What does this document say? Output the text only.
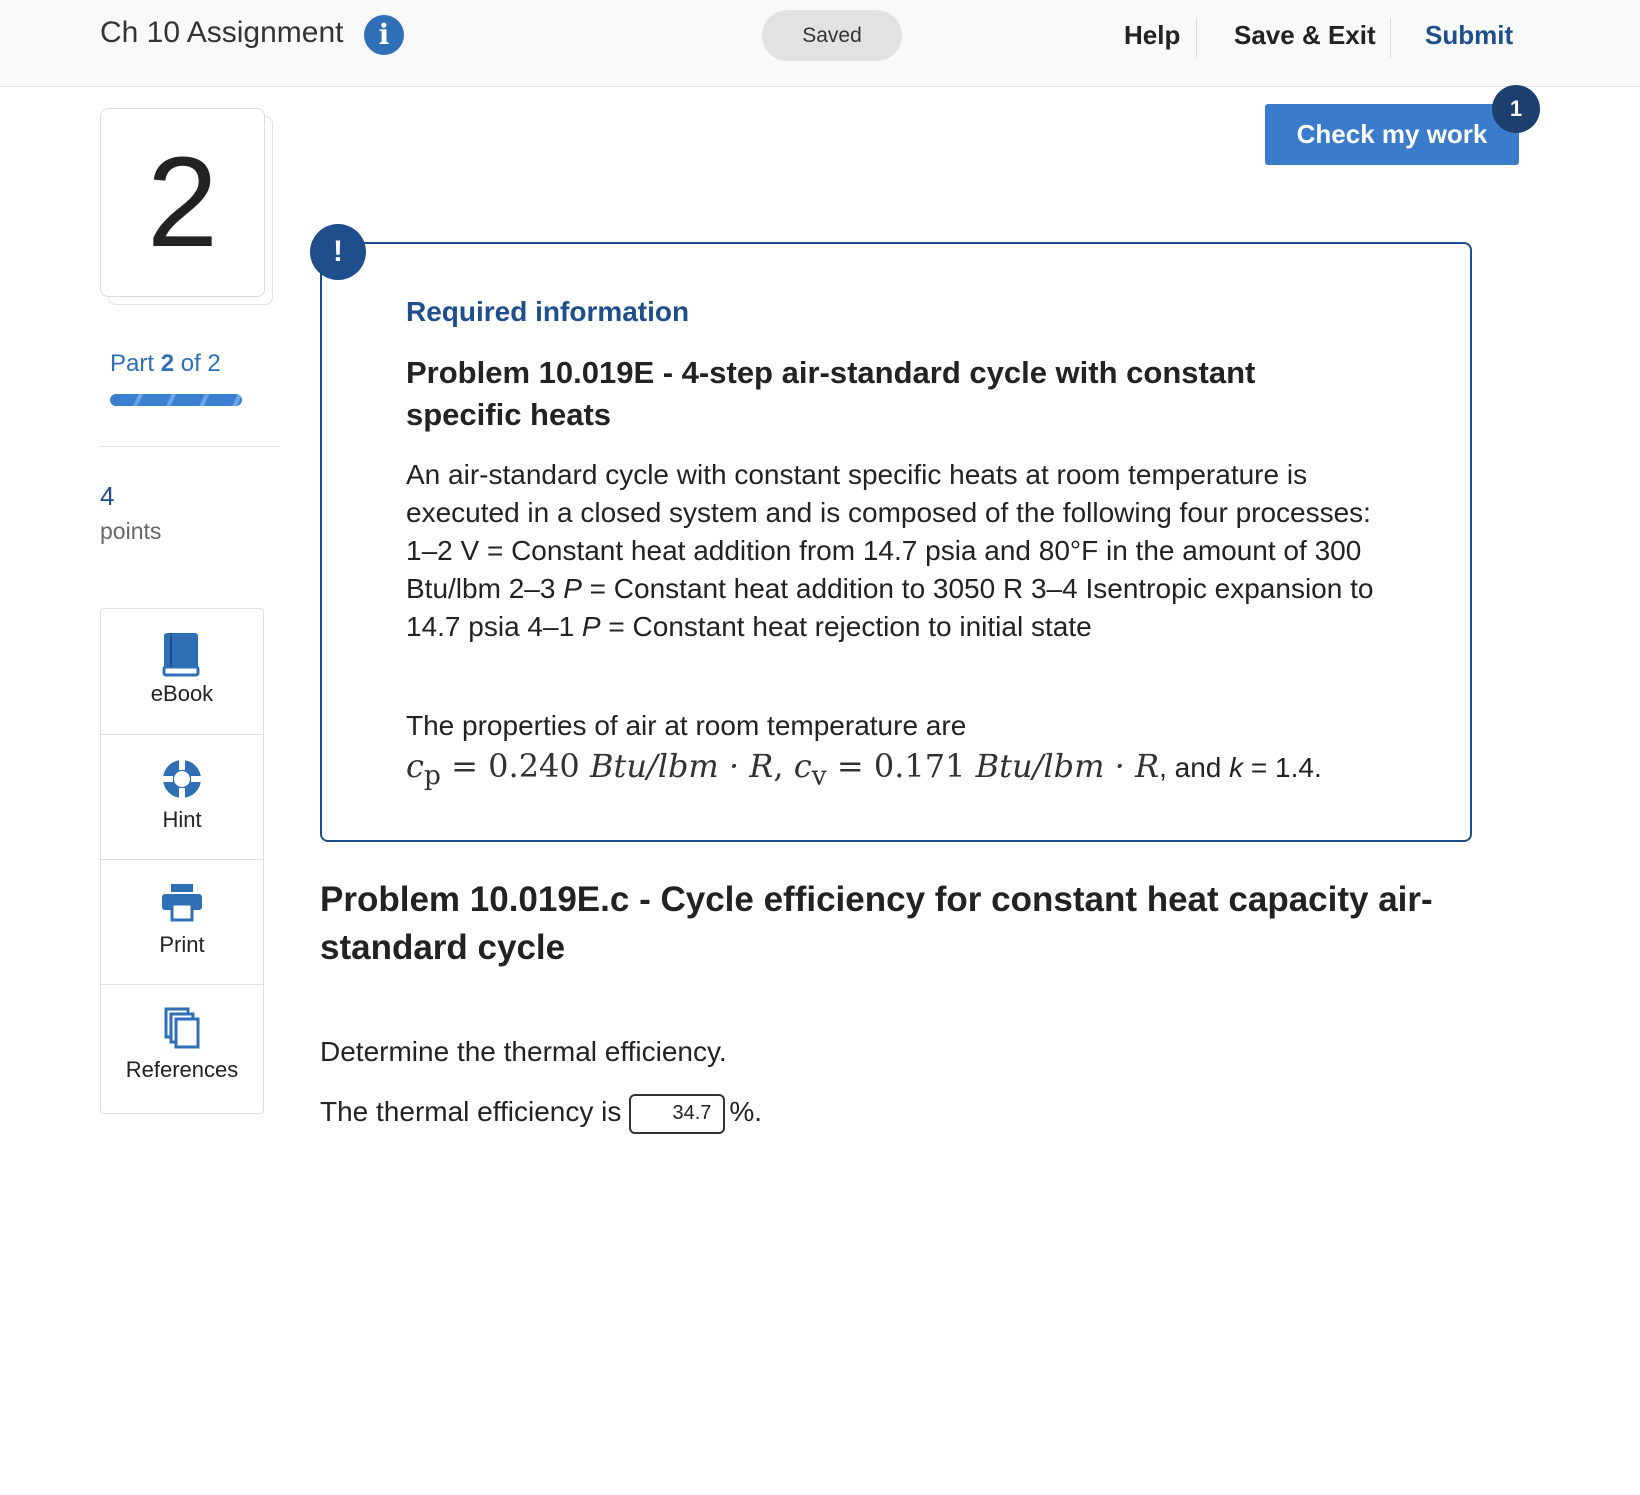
Ch 10 Assignment	i	Saved	Help Save & Exit Submit
2
Part 2 of 2
4
points
eBook
Hint
Print
References
Check my work
1
!
Required information
Problem 10.019E - 4-step air-standard cycle with constant specific heats
An air-standard cycle with constant specific heats at room temperature is executed in a closed system and is composed of the following four processes: 1–2 V = Constant heat addition from 14.7 psia and 80°F in the amount of 300 Btu/lbm 2–3 P = Constant heat addition to 3050 R 3–4 Isentropic expansion to 14.7 psia 4–1 P = Constant heat rejection to initial state
The properties of air at room temperature are
$c_p = 0.240$ Btu/lbm · R, $c_v = 0.171$ Btu/lbm · R, and k = 1.4.
Problem 10.019E.c - Cycle efficiency for constant heat capacity air-standard cycle
Determine the thermal efficiency.
The thermal efficiency is34.7	%.
